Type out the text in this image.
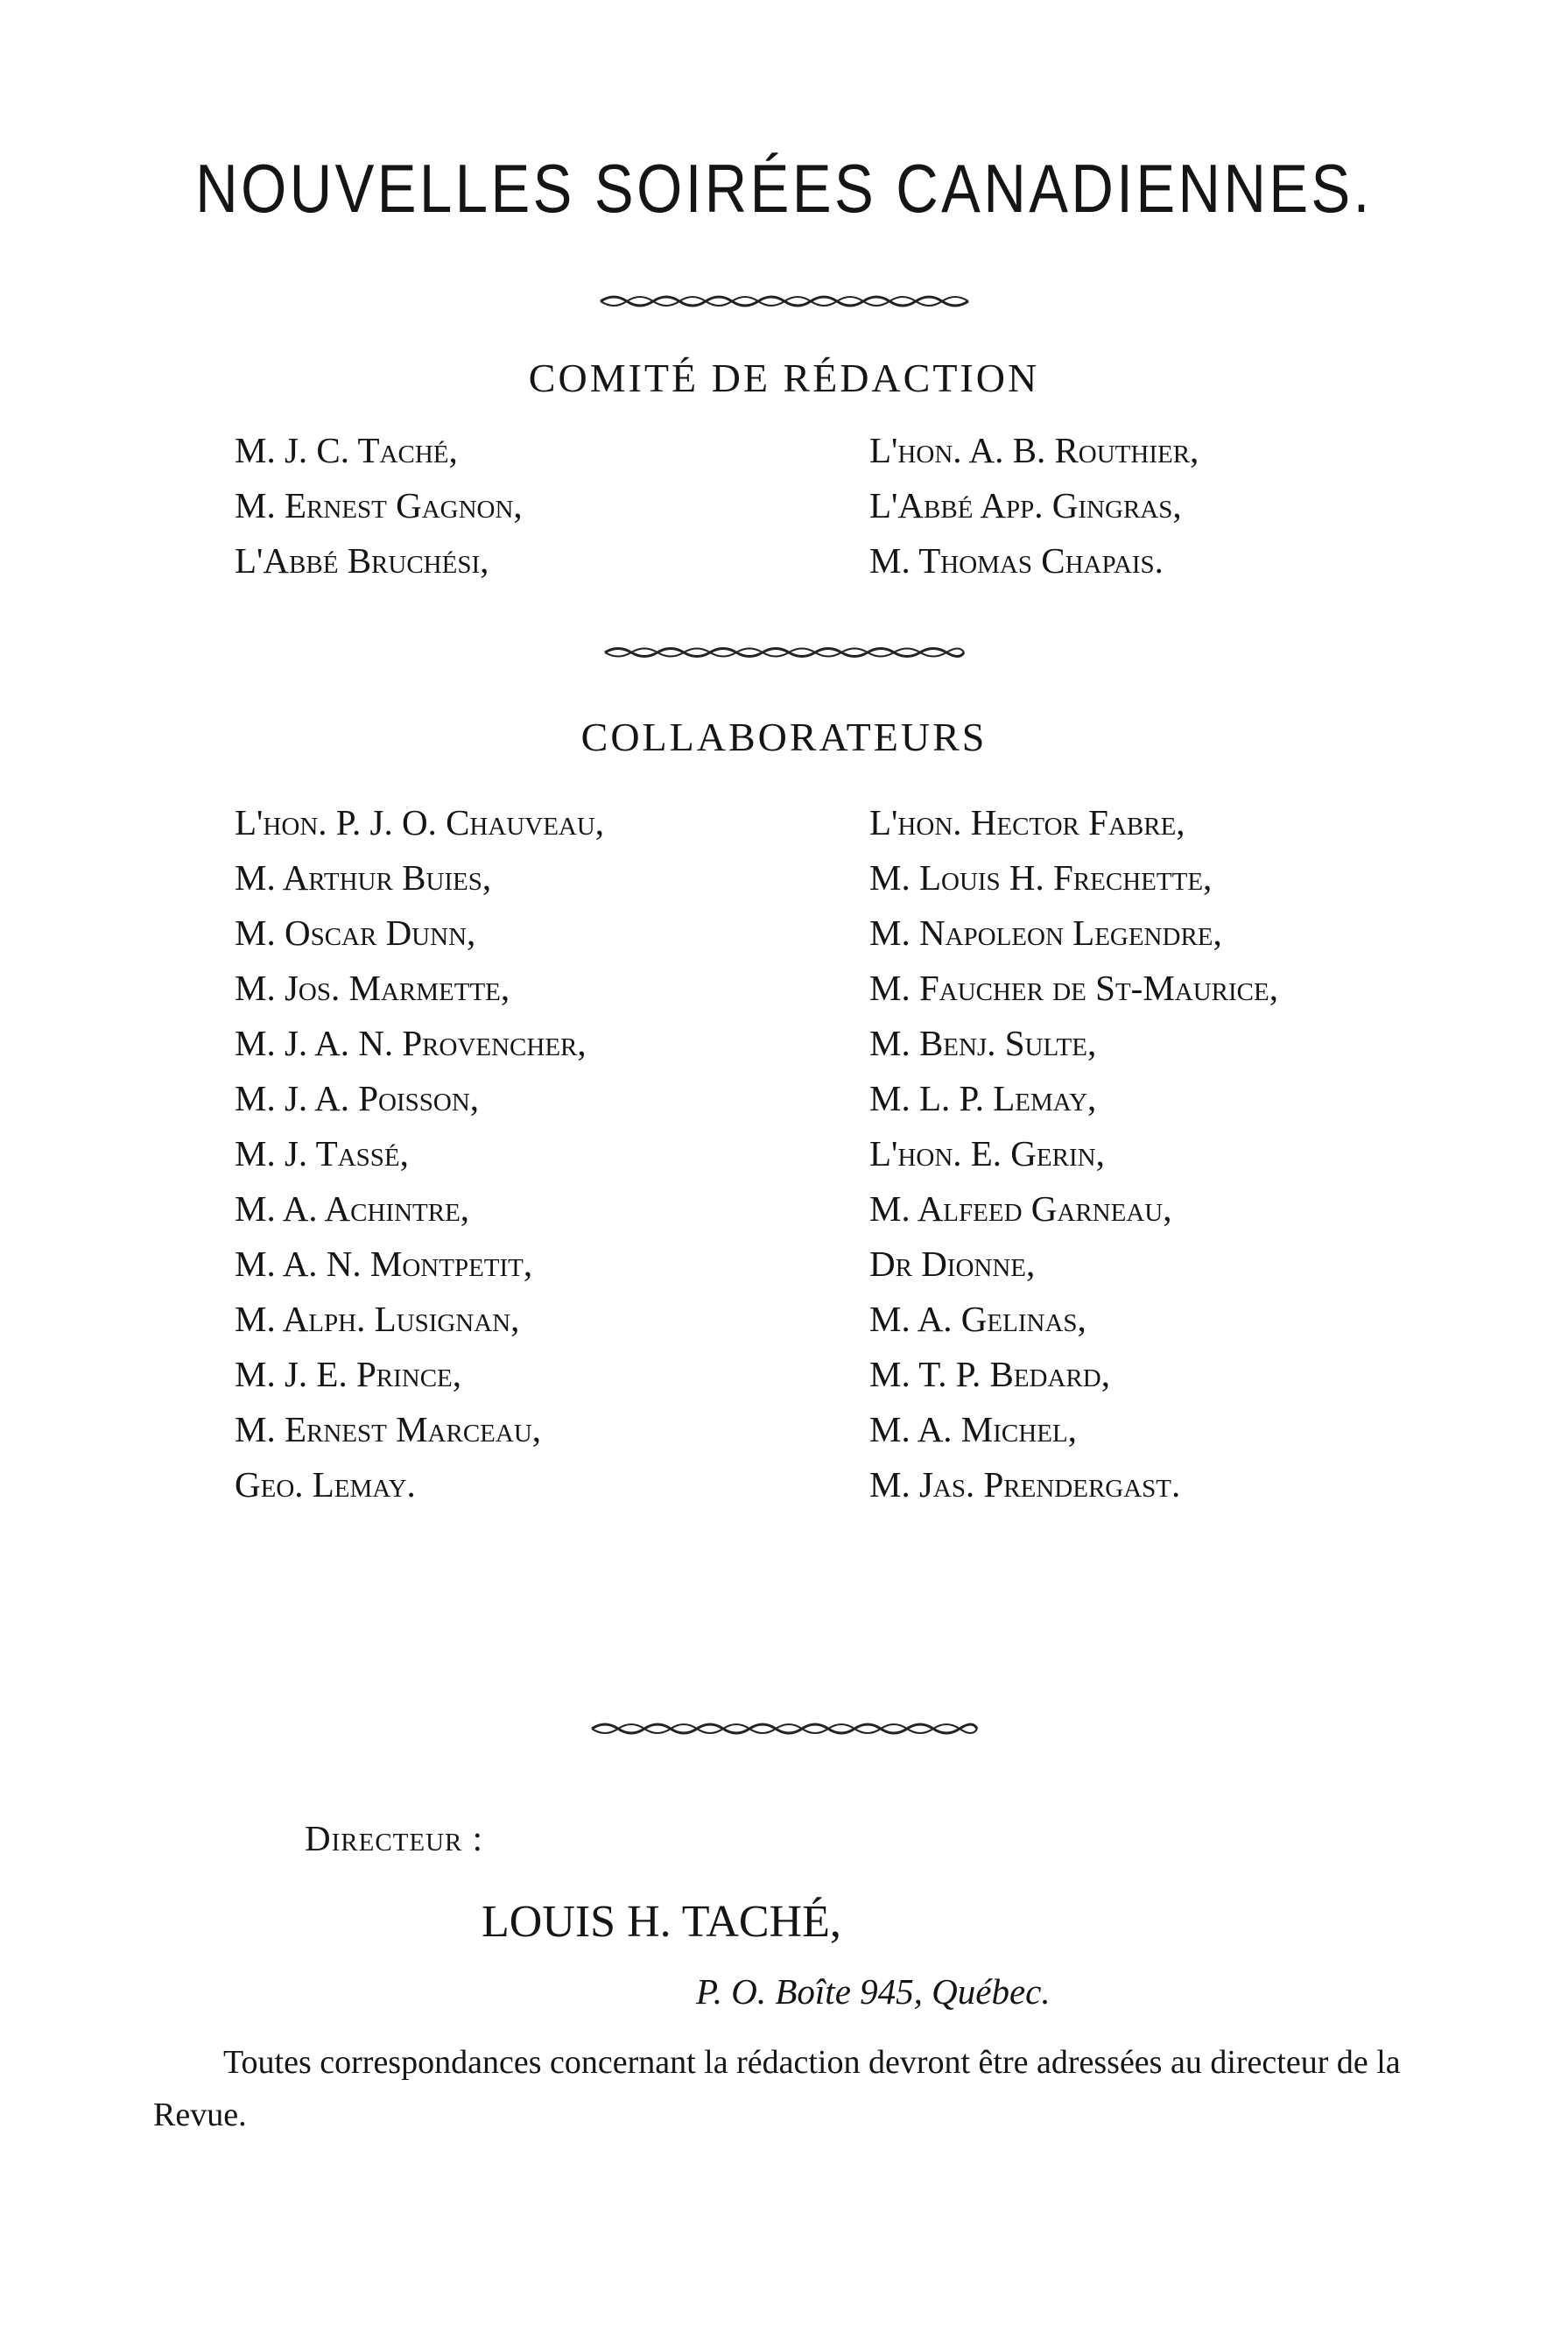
NOUVELLES SOIRÉES CANADIENNES.
COMITÉ DE RÉDACTION
M. J. C. Taché,
M. Ernest Gagnon,
L'Abbé Bruchési,
L'hon. A. B. Routhier,
L'Abbé App. Gingras,
M. Thomas Chapais.
COLLABORATEURS
L'hon. P. J. O. Chauveau,
M. Arthur Buies,
M. Oscar Dunn,
M. Jos. Marmette,
M. J. A. N. Provencher,
M. J. A. Poisson,
M. J. Tassé,
M. A. Achintre,
M. A. N. Montpetit,
M. Alph. Lusignan,
M. J. E. Prince,
M. Ernest Marceau,
Geo. Lemay.
L'hon. Hector Fabre,
M. Louis H. Frechette,
M. Napoleon Legendre,
M. Faucher de St-Maurice,
M. Benj. Sulte,
M. L. P. Lemay,
L'hon. E. Gerin,
M. Alfeed Garneau,
Dr Dionne,
M. A. Gelinas,
M. T. P. Bedard,
M. A. Michel,
M. Jas. Prendergast.
Directeur :
LOUIS H. TACHÉ,
P. O. Boîte 945, Québec.
Toutes correspondances concernant la rédaction devront être adressées au directeur de la Revue.
